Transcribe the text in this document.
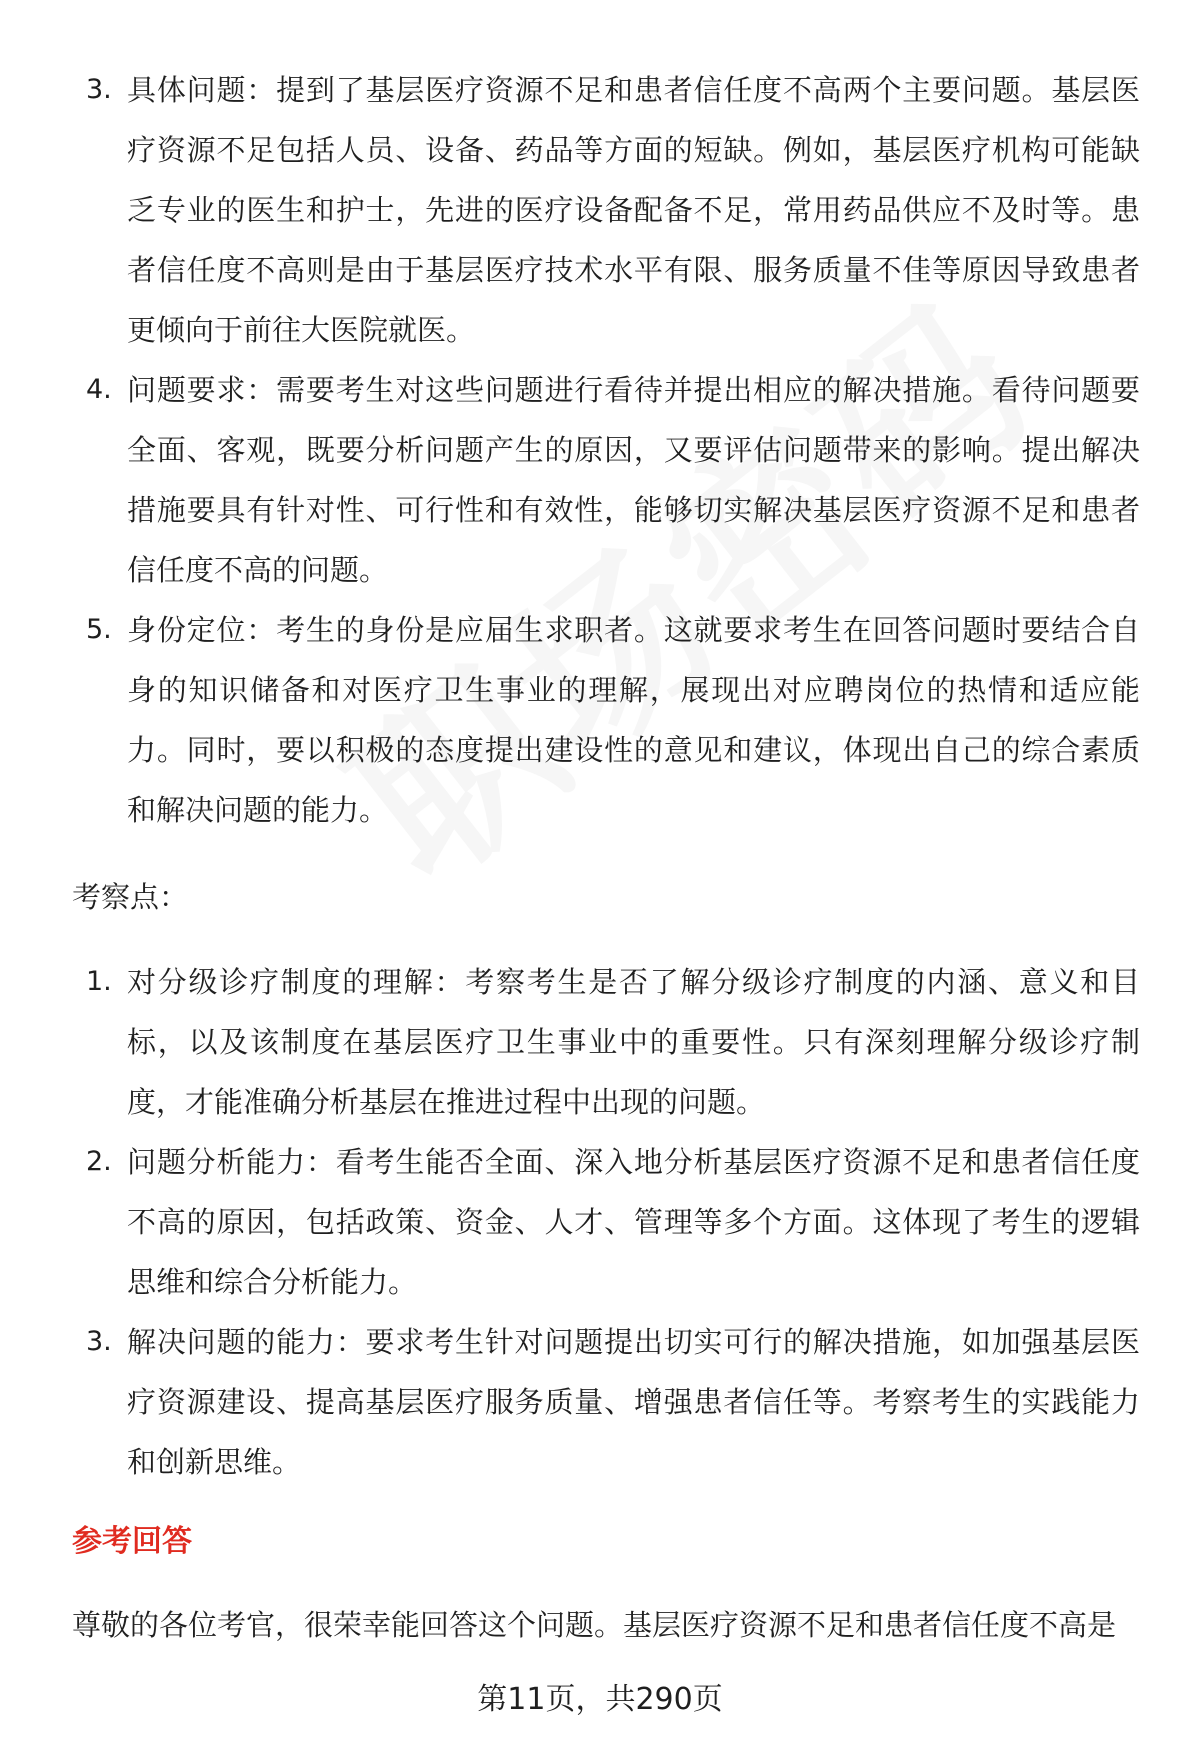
3. 具体问题：提到了基层医疗资源不足和患者信任度不高两个主要问题。基层医疗资源不足包括人员、设备、药品等方面的短缺。例如，基层医疗机构可能缺乏专业的医生和护士，先进的医疗设备配备不足，常用药品供应不及时等。患者信任度不高则是由于基层医疗技术水平有限、服务质量不佳等原因导致患者更倾向于前往大医院就医。
4. 问题要求：需要考生对这些问题进行看待并提出相应的解决措施。看待问题要全面、客观，既要分析问题产生的原因，又要评估问题带来的影响。提出解决措施要具有针对性、可行性和有效性，能够切实解决基层医疗资源不足和患者信任度不高的问题。
5. 身份定位：考生的身份是应届生求职者。这就要求考生在回答问题时要结合自身的知识储备和对医疗卫生事业的理解，展现出对应聘岗位的热情和适应能力。同时，要以积极的态度提出建设性的意见和建议，体现出自己的综合素质和解决问题的能力。
考察点：
1. 对分级诊疗制度的理解：考察考生是否了解分级诊疗制度的内涵、意义和目标，以及该制度在基层医疗卫生事业中的重要性。只有深刻理解分级诊疗制度，才能准确分析基层在推进过程中出现的问题。
2. 问题分析能力：看考生能否全面、深入地分析基层医疗资源不足和患者信任度不高的原因，包括政策、资金、人才、管理等多个方面。这体现了考生的逻辑思维和综合分析能力。
3. 解决问题的能力：要求考生针对问题提出切实可行的解决措施，如加强基层医疗资源建设、提高基层医疗服务质量、增强患者信任等。考察考生的实践能力和创新思维。
参考回答
尊敬的各位考官，很荣幸能回答这个问题。基层医疗资源不足和患者信任度不高是
第11页，共290页
